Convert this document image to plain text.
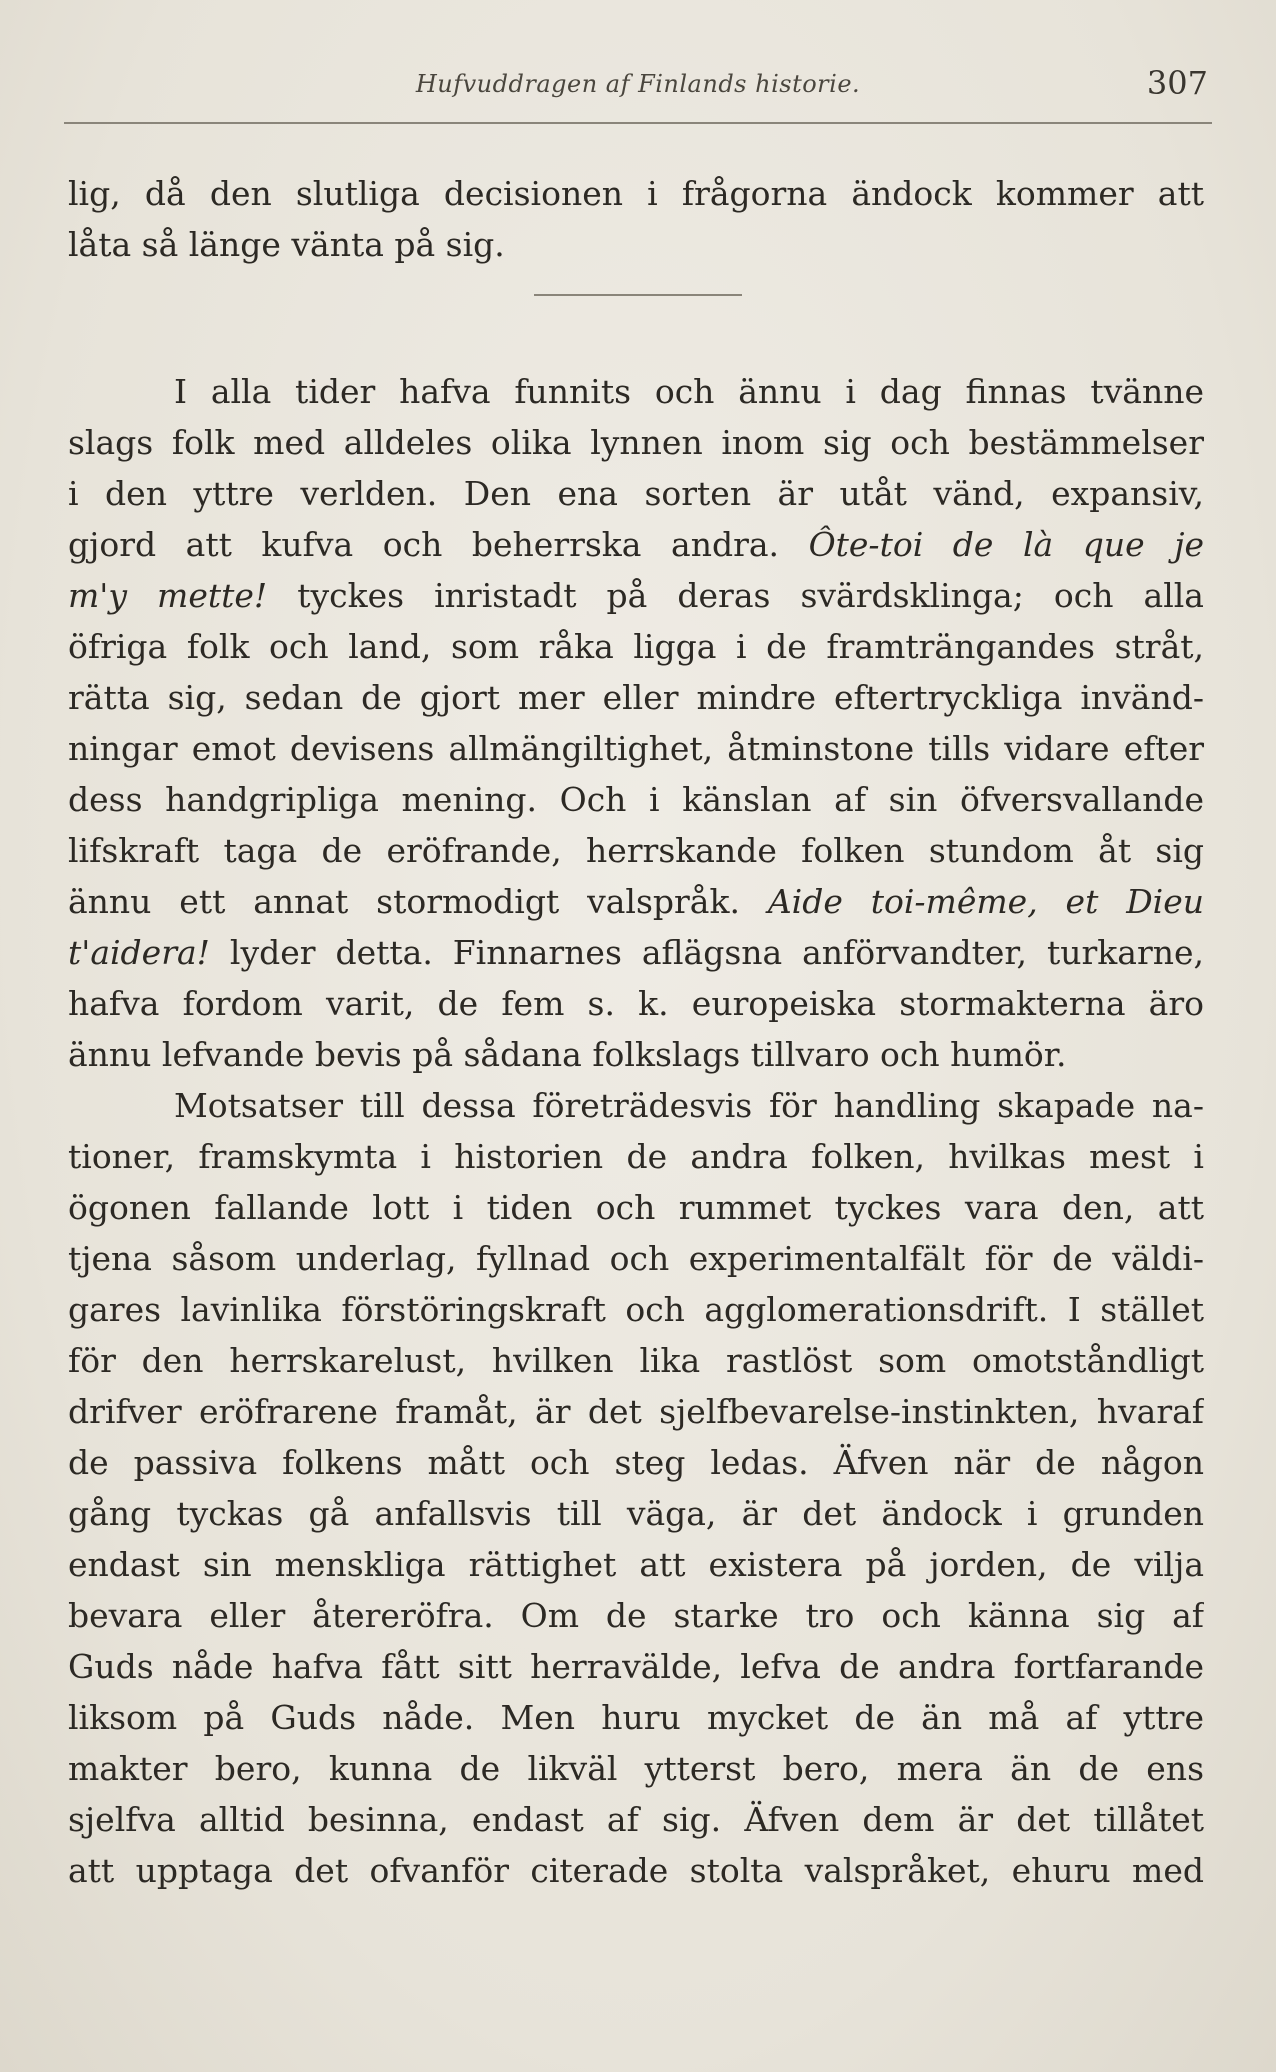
Hufvuddragen af Finlands historie.	307
lig, då den slutliga decisionen i frågorna ändock kommer att
låta så länge vänta på sig.
I alla tider hafva funnits och ännu i dag finnas tvänne
slags folk med alldeles olika lynnen inom sig och bestämmelser
i den yttre verlden. Den ena sorten är utåt vänd, expansiv,
gjord att kufva och beherrska andra. Ôte-toi de là que je
m'y mette! tyckes inristadt på deras svärdsklinga; och alla
öfriga folk och land, som råka ligga i de framträngandes stråt,
rätta sig, sedan de gjort mer eller mindre eftertryckliga invänd-
ningar emot devisens allmängiltighet, åtminstone tills vidare efter
dess handgripliga mening. Och i känslan af sin öfversvallande
lifskraft taga de eröfrande, herrskande folken stundom åt sig
ännu ett annat stormodigt valspråk. Aide toi-même, et Dieu
t'aidera! lyder detta. Finnarnes aflägsna anförvandter, turkarne,
hafva fordom varit, de fem s. k. europeiska stormakterna äro
ännu lefvande bevis på sådana folkslags tillvaro och humör.
Motsatser till dessa företrädesvis för handling skapade na-
tioner, framskymta i historien de andra folken, hvilkas mest i
ögonen fallande lott i tiden och rummet tyckes vara den, att
tjena såsom underlag, fyllnad och experimentalfält för de väldi-
gares lavinlika förstöringskraft och agglomerationsdrift. I stället
för den herrskarelust, hvilken lika rastlöst som omotståndligt
drifver eröfrarene framåt, är det sjelfbevarelse-instinkten, hvaraf
de passiva folkens mått och steg ledas. Äfven när de någon
gång tyckas gå anfallsvis till väga, är det ändock i grunden
endast sin menskliga rättighet att existera på jorden, de vilja
bevara eller återeröfra. Om de starke tro och känna sig af
Guds nåde hafva fått sitt herravälde, lefva de andra fortfarande
liksom på Guds nåde. Men huru mycket de än må af yttre
makter bero, kunna de likväl ytterst bero, mera än de ens
sjelfva alltid besinna, endast af sig. Äfven dem är det tillåtet
att upptaga det ofvanför citerade stolta valspråket, ehuru med
